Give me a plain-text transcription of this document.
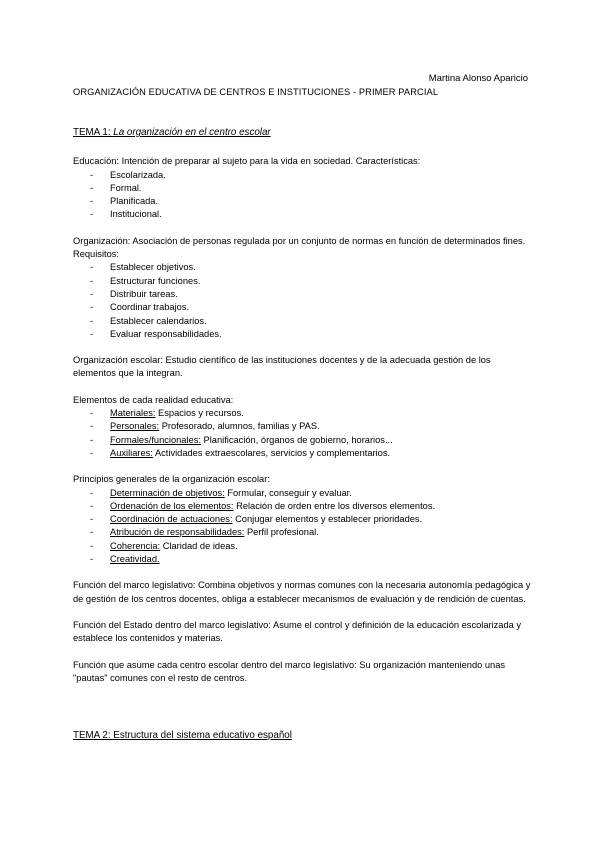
Martina Alonso Aparicio
ORGANIZACIÓN EDUCATIVA DE CENTROS E INSTITUCIONES - PRIMER PARCIAL

TEMA 1: La organización en el centro escolar

Educación: Intención de preparar al sujeto para la vida en sociedad. Características:

- Escolarizada.
- Formal.
- Planificada.
- Institucional.

Organización: Asociación de personas regulada por un conjunto de normas en función de determinados fines. Requisitos:

- Establecer objetivos.
- Estructurar funciones.
- Distribuir tareas.
- Coordinar trabajos.
- Establecer calendarios.
- Evaluar responsabilidades.

Organización escolar: Estudio científico de las instituciones docentes y de la adecuada gestión de los elementos que la integran.

Elementos de cada realidad educativa:

- Materiales: Espacios y recursos.
- Personales: Profesorado, alumnos, familias y PAS.
- Formales/funcionales: Planificación, órganos de gobierno, horarios...
- Auxiliares: Actividades extraescolares, servicios y complementarios.

Principios generales de la organización escolar:

- Determinación de objetivos: Formular, conseguir y evaluar.
- Ordenación de los elementos: Relación de orden entre los diversos elementos.
- Coordinación de actuaciones: Conjugar elementos y establecer prioridades.
- Atribución de responsabilidades: Perfil profesional.
- Coherencia: Claridad de ideas.
- Creatividad.

Función del marco legislativo: Combina objetivos y normas comunes con la necesaria autonomía pedagógica y de gestión de los centros docentes, obliga a establecer mecanismos de evaluación y de rendición de cuentas.

Función del Estado dentro del marco legislativo: Asume el control y definición de la educación escolarizada y establece los contenidos y materias.

Función que asume cada centro escolar dentro del marco legislativo: Su organización manteniendo unas "pautas" comunes con el resto de centros.

TEMA 2: Estructura del sistema educativo español
